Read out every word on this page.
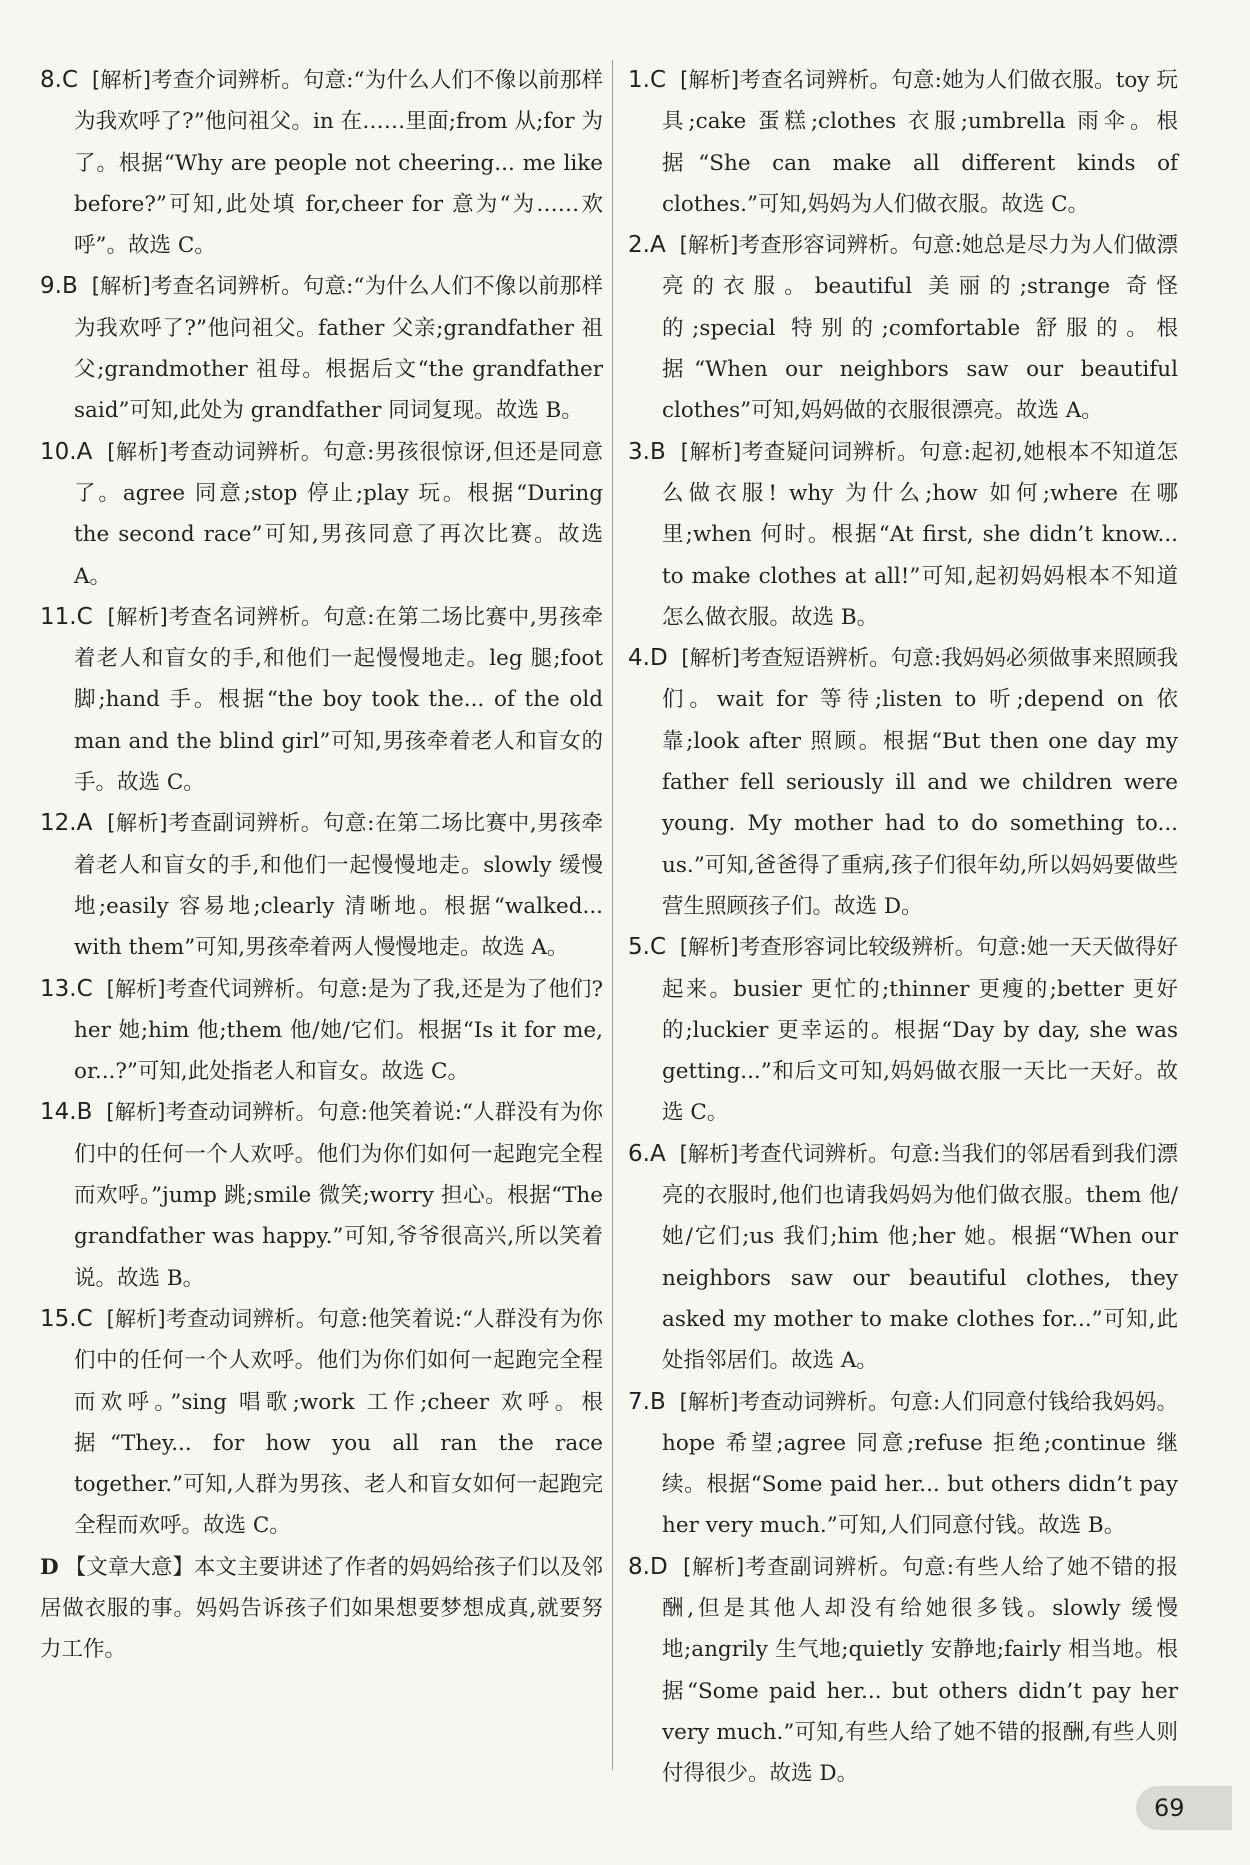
8.C [解析]考查介词辨析。句意:“为什么人们不像以前那样为我欢呼了?”他问祖父。in 在……里面;from 从;for 为了。根据“Why are people not cheering... me like before?”可知,此处填 for,cheer for 意为“为……欢呼”。故选 C。
9.B [解析]考查名词辨析。句意:“为什么人们不像以前那样为我欢呼了?”他问祖父。father 父亲;grandfather 祖父;grandmother 祖母。根据后文“the grandfather said”可知,此处为 grandfather 同词复现。故选 B。
10.A [解析]考查动词辨析。句意:男孩很惊讶,但还是同意了。agree 同意;stop 停止;play 玩。根据“During the second race”可知,男孩同意了再次比赛。故选 A。
11.C [解析]考查名词辨析。句意:在第二场比赛中,男孩牵着老人和盲女的手,和他们一起慢慢地走。leg 腿;foot 脚;hand 手。根据“the boy took the... of the old man and the blind girl”可知,男孩牵着老人和盲女的手。故选 C。
12.A [解析]考查副词辨析。句意:在第二场比赛中,男孩牵着老人和盲女的手,和他们一起慢慢地走。slowly 缓慢地;easily 容易地;clearly 清晰地。根据“walked... with them”可知,男孩牵着两人慢慢地走。故选 A。
13.C [解析]考查代词辨析。句意:是为了我,还是为了他们? her 她;him 他;them 他/她/它们。根据“Is it for me, or...?”可知,此处指老人和盲女。故选 C。
14.B [解析]考查动词辨析。句意:他笑着说:“人群没有为你们中的任何一个人欢呼。他们为你们如何一起跑完全程而欢呼。”jump 跳;smile 微笑;worry 担心。根据“The grandfather was happy.”可知,爷爷很高兴,所以笑着说。故选 B。
15.C [解析]考查动词辨析。句意:他笑着说:“人群没有为你们中的任何一个人欢呼。他们为你们如何一起跑完全程而欢呼。”sing 唱歌;work 工作;cheer 欢呼。根据“They... for how you all ran the race together.”可知,人群为男孩、老人和盲女如何一起跑完全程而欢呼。故选 C。
D 【文章大意】本文主要讲述了作者的妈妈给孩子们以及邻居做衣服的事。妈妈告诉孩子们如果想要梦想成真,就要努力工作。
1.C [解析]考查名词辨析。句意:她为人们做衣服。toy 玩具;cake 蛋糕;clothes 衣服;umbrella 雨伞。根据“She can make all different kinds of clothes.”可知,妈妈为人们做衣服。故选 C。
2.A [解析]考查形容词辨析。句意:她总是尽力为人们做漂亮的衣服。beautiful 美丽的;strange 奇怪的;special 特别的;comfortable 舒服的。根据“When our neighbors saw our beautiful clothes”可知,妈妈做的衣服很漂亮。故选 A。
3.B [解析]考查疑问词辨析。句意:起初,她根本不知道怎么做衣服! why 为什么;how 如何;where 在哪里;when 何时。根据“At first, she didn’t know... to make clothes at all!”可知,起初妈妈根本不知道怎么做衣服。故选 B。
4.D [解析]考查短语辨析。句意:我妈妈必须做事来照顾我们。wait for 等待;listen to 听;depend on 依靠;look after 照顾。根据“But then one day my father fell seriously ill and we children were young. My mother had to do something to... us.”可知,爸爸得了重病,孩子们很年幼,所以妈妈要做些营生照顾孩子们。故选 D。
5.C [解析]考查形容词比较级辨析。句意:她一天天做得好起来。busier 更忙的;thinner 更瘦的;better 更好的;luckier 更幸运的。根据“Day by day, she was getting...”和后文可知,妈妈做衣服一天比一天好。故选 C。
6.A [解析]考查代词辨析。句意:当我们的邻居看到我们漂亮的衣服时,他们也请我妈妈为他们做衣服。them 他/她/它们;us 我们;him 他;her 她。根据“When our neighbors saw our beautiful clothes, they asked my mother to make clothes for...”可知,此处指邻居们。故选 A。
7.B [解析]考查动词辨析。句意:人们同意付钱给我妈妈。hope 希望;agree 同意;refuse 拒绝;continue 继续。根据“Some paid her... but others didn’t pay her very much.”可知,人们同意付钱。故选 B。
8.D [解析]考查副词辨析。句意:有些人给了她不错的报酬,但是其他人却没有给她很多钱。slowly 缓慢地;angrily 生气地;quietly 安静地;fairly 相当地。根据“Some paid her... but others didn’t pay her very much.”可知,有些人给了她不错的报酬,有些人则付得很少。故选 D。
69
